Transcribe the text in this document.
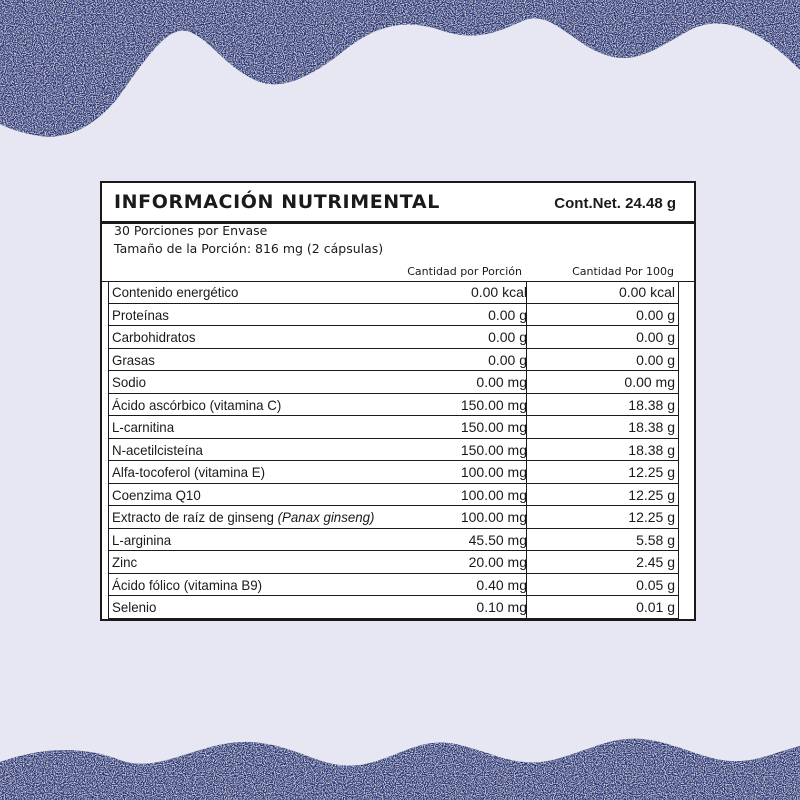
INFORMACIÓN NUTRIMENTAL	Cont.Net. 24.48 g
30 Porciones por Envase
Tamaño de la Porción: 816 mg (2 cápsulas)
Cantidad por Porción	Cantidad Por 100g
Contenido energético	0.00 kcal	0.00 kcal
Proteínas	0.00 g	0.00 g
Carbohidratos	0.00 g	0.00 g
Grasas	0.00 g	0.00 g
Sodio	0.00 mg	0.00 mg
Ácido ascórbico (vitamina C)	150.00 mg	18.38 g
L-carnitina	150.00 mg	18.38 g
N-acetilcisteína	150.00 mg	18.38 g
Alfa-tocoferol (vitamina E)	100.00 mg	12.25 g
Coenzima Q10	100.00 mg	12.25 g
Extracto de raíz de ginseng (Panax ginseng)	100.00 mg	12.25 g
L-arginina	45.50 mg	5.58 g
Zinc	20.00 mg	2.45 g
Ácido fólico (vitamina B9)	0.40 mg	0.05 g
Selenio	0.10 mg	0.01 g
